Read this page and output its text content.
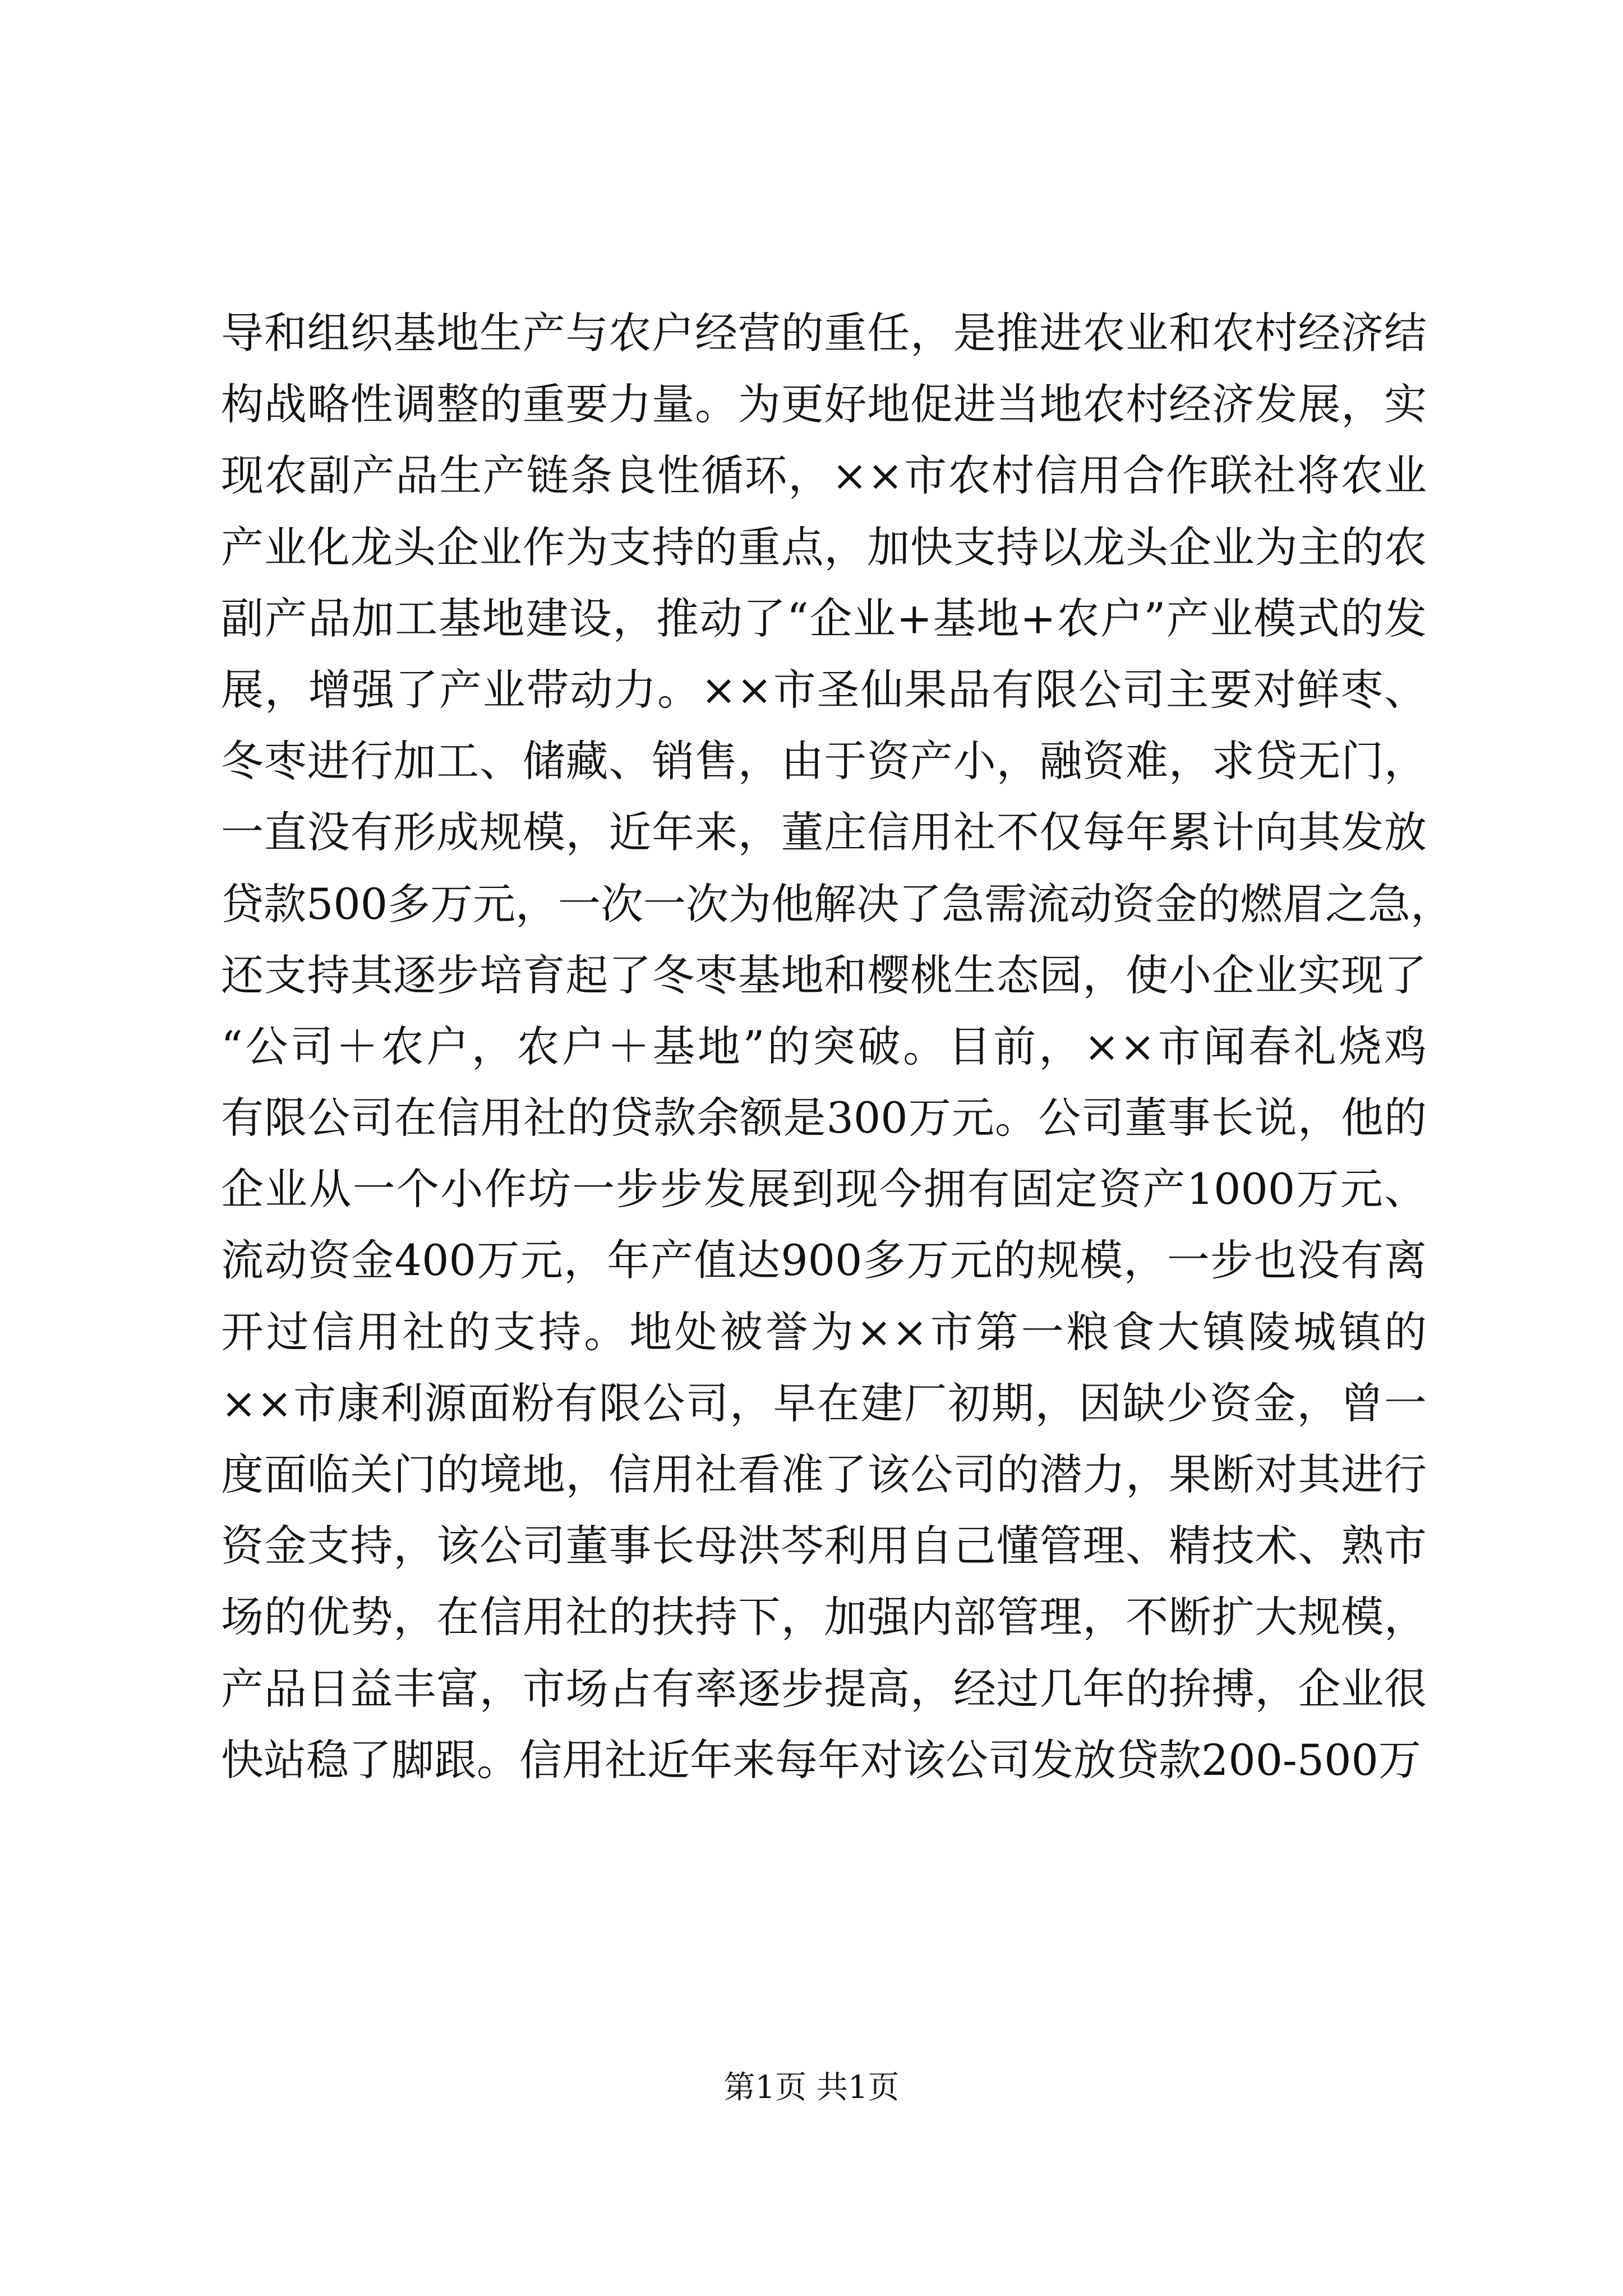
导和组织基地生产与农户经营的重任，是推进农业和农村经济结
构战略性调整的重要力量。为更好地促进当地农村经济发展，实
现农副产品生产链条良性循环，××市农村信用合作联社将农业
产业化龙头企业作为支持的重点，加快支持以龙头企业为主的农
副产品加工基地建设，推动了“企业+基地+农户”产业模式的发
展，增强了产业带动力。××市圣仙果品有限公司主要对鲜枣、
冬枣进行加工、储藏、销售，由于资产小，融资难，求贷无门，
一直没有形成规模，近年来，董庄信用社不仅每年累计向其发放
贷款500多万元，一次一次为他解决了急需流动资金的燃眉之急，
还支持其逐步培育起了冬枣基地和樱桃生态园，使小企业实现了
“公司＋农户，农户＋基地”的突破。目前，××市闻春礼烧鸡
有限公司在信用社的贷款余额是300万元。公司董事长说，他的
企业从一个小作坊一步步发展到现今拥有固定资产1000万元、
流动资金400万元，年产值达900多万元的规模，一步也没有离
开过信用社的支持。地处被誉为××市第一粮食大镇陵城镇的
××市康利源面粉有限公司，早在建厂初期，因缺少资金，曾一
度面临关门的境地，信用社看准了该公司的潜力，果断对其进行
资金支持，该公司董事长母洪芩利用自己懂管理、精技术、熟市
场的优势，在信用社的扶持下，加强内部管理，不断扩大规模，
产品日益丰富，市场占有率逐步提高，经过几年的拚搏，企业很
快站稳了脚跟。信用社近年来每年对该公司发放贷款200-500万
第1页 共1页
